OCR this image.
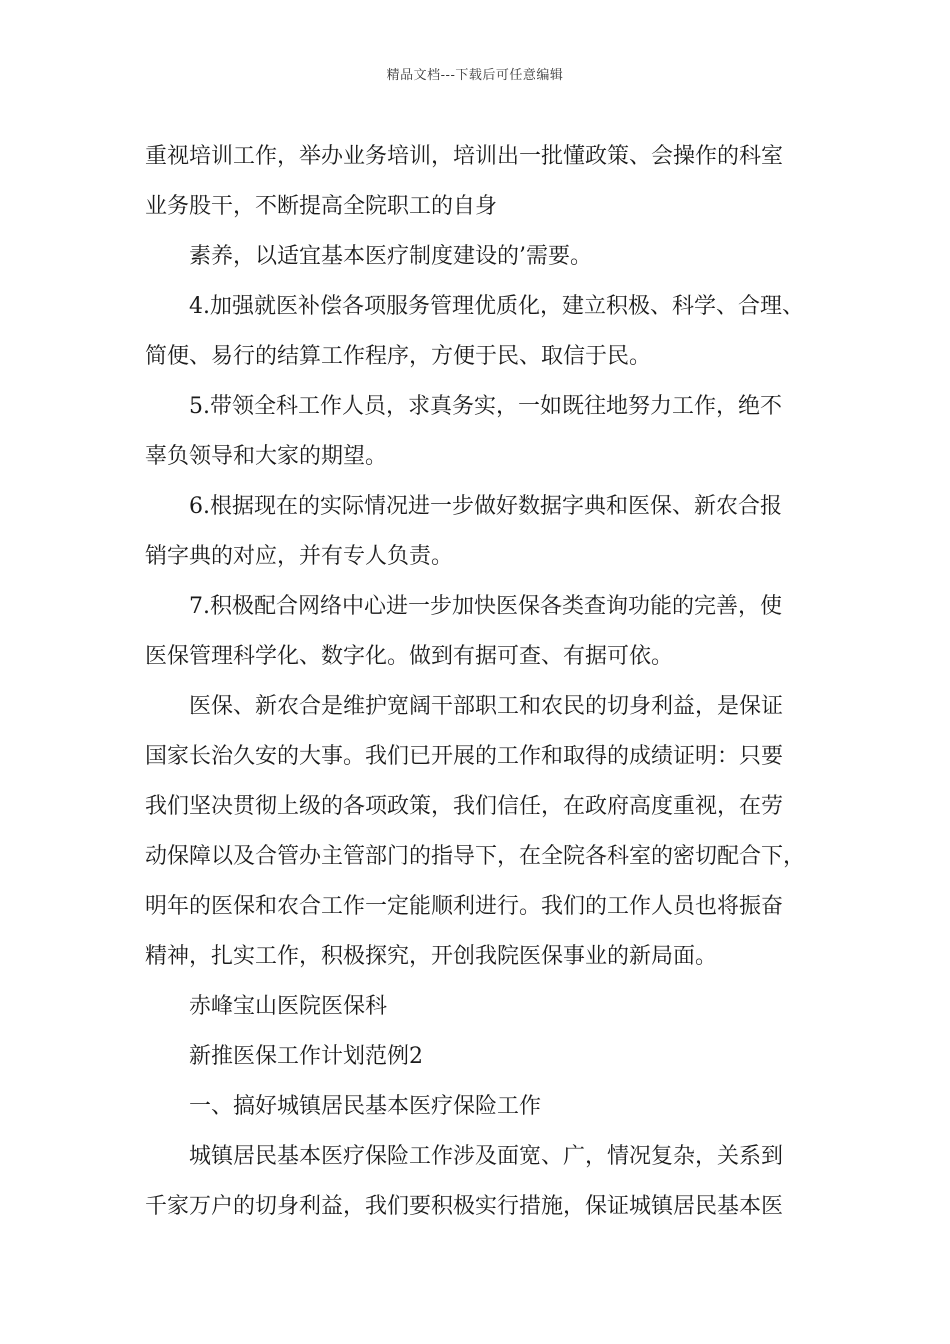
精品文档---下载后可任意编辑
重视培训工作，举办业务培训，培训出一批懂政策、会操作的科室
业务股干，不断提高全院职工的自身
素养，以适宜基本医疗制度建设的’需要。
4.加强就医补偿各项服务管理优质化，建立积极、科学、合理、
简便、易行的结算工作程序，方便于民、取信于民。
5.带领全科工作人员，求真务实，一如既往地努力工作，绝不
辜负领导和大家的期望。
6.根据现在的实际情况进一步做好数据字典和医保、新农合报
销字典的对应，并有专人负责。
7.积极配合网络中心进一步加快医保各类查询功能的完善，使
医保管理科学化、数字化。做到有据可查、有据可依。
医保、新农合是维护宽阔干部职工和农民的切身利益，是保证
国家长治久安的大事。我们已开展的工作和取得的成绩证明：只要
我们坚决贯彻上级的各项政策，我们信任，在政府高度重视，在劳
动保障以及合管办主管部门的指导下，在全院各科室的密切配合下，
明年的医保和农合工作一定能顺利进行。我们的工作人员也将振奋
精神，扎实工作，积极探究，开创我院医保事业的新局面。
赤峰宝山医院医保科
新推医保工作计划范例2
一、搞好城镇居民基本医疗保险工作
城镇居民基本医疗保险工作涉及面宽、广，情况复杂，关系到
千家万户的切身利益，我们要积极实行措施，保证城镇居民基本医
